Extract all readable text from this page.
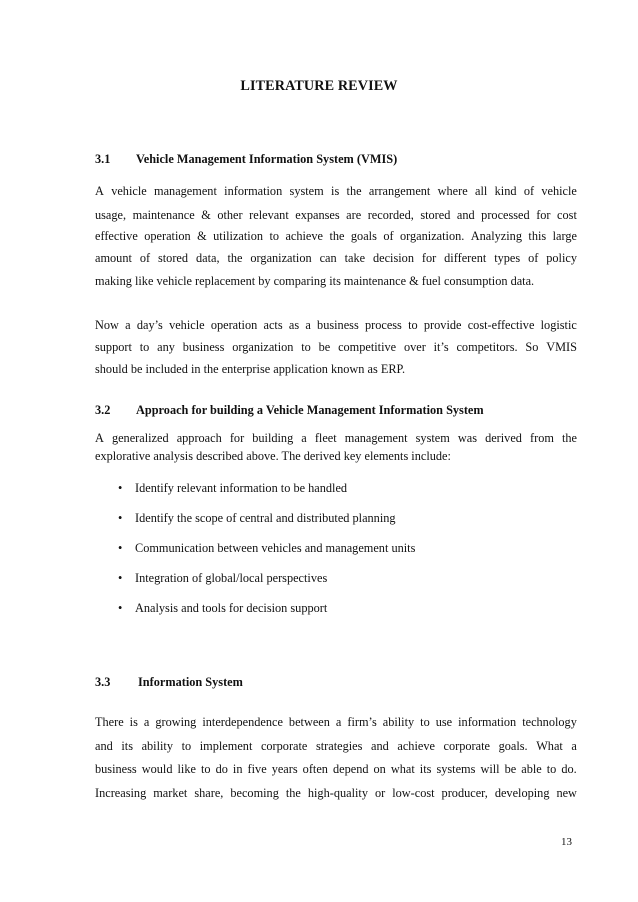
LITERATURE REVIEW
3.1 Vehicle Management Information System (VMIS)
A vehicle management information system is the arrangement where all kind of vehicle
usage, maintenance & other relevant expanses are recorded, stored and processed for cost
effective operation & utilization to achieve the goals of organization. Analyzing this large
amount of stored data, the organization can take decision for different types of policy
making like vehicle replacement by comparing its maintenance & fuel consumption data.
Now a day’s vehicle operation acts as a business process to provide cost-effective logistic
support to any business organization to be competitive over it’s competitors. So VMIS
should be included in the enterprise application known as ERP.
3.2 Approach for building a Vehicle Management Information System
A generalized approach for building a fleet management system was derived from the
explorative analysis described above. The derived key elements include:
• Identify relevant information to be handled
• Identify the scope of central and distributed planning
• Communication between vehicles and management units
• Integration of global/local perspectives
• Analysis and tools for decision support
3.3 Information System
There is a growing interdependence between a firm’s ability to use information technology
and its ability to implement corporate strategies and achieve corporate goals. What a
business would like to do in five years often depend on what its systems will be able to do.
Increasing market share, becoming the high-quality or low-cost producer, developing new
13
